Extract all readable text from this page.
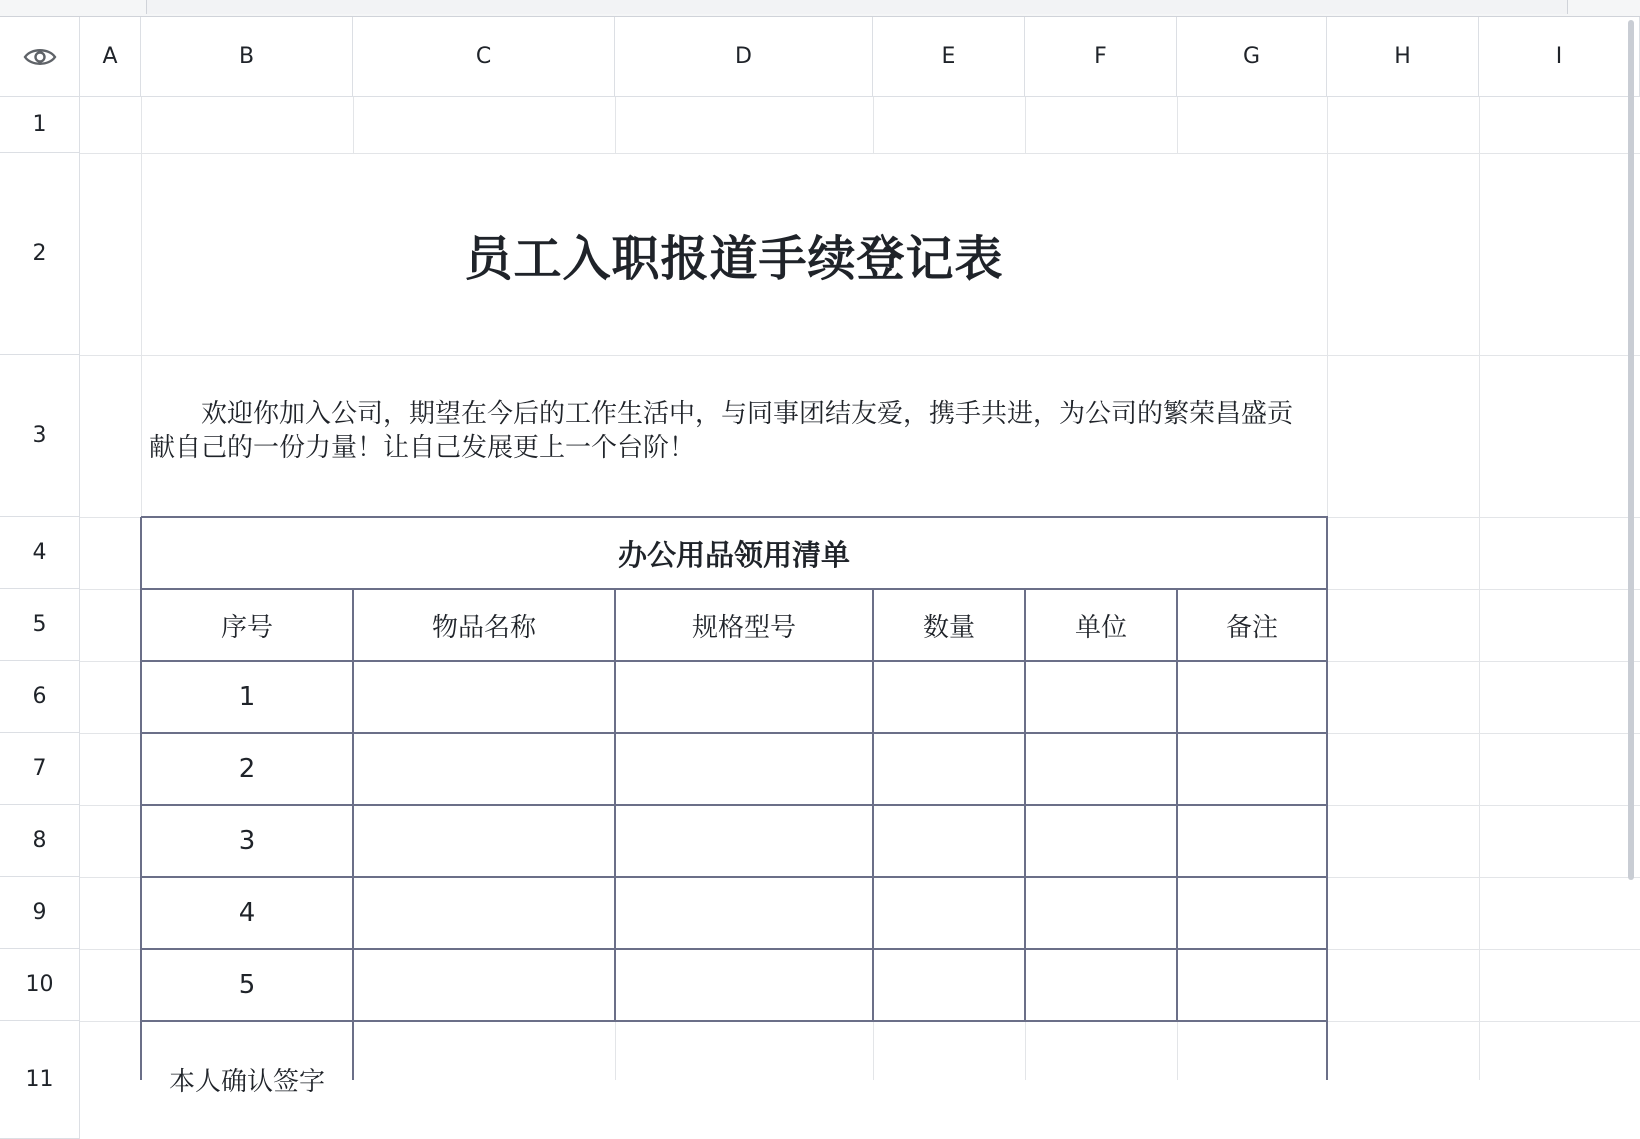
A	B	C	D	E	F	G	H	I
1
2
3
4
5
6
7
8
9
10
11
员工入职报道手续登记表
欢迎你加入公司，期望在今后的工作生活中，与同事团结友爱，携手共进，为公司的繁荣昌盛贡献自己的一份力量！让自己发展更上一个台阶！
办公用品领用清单
序号	物品名称	规格型号	数量	单位	备注
1
2
3
4
5
本人确认签字
